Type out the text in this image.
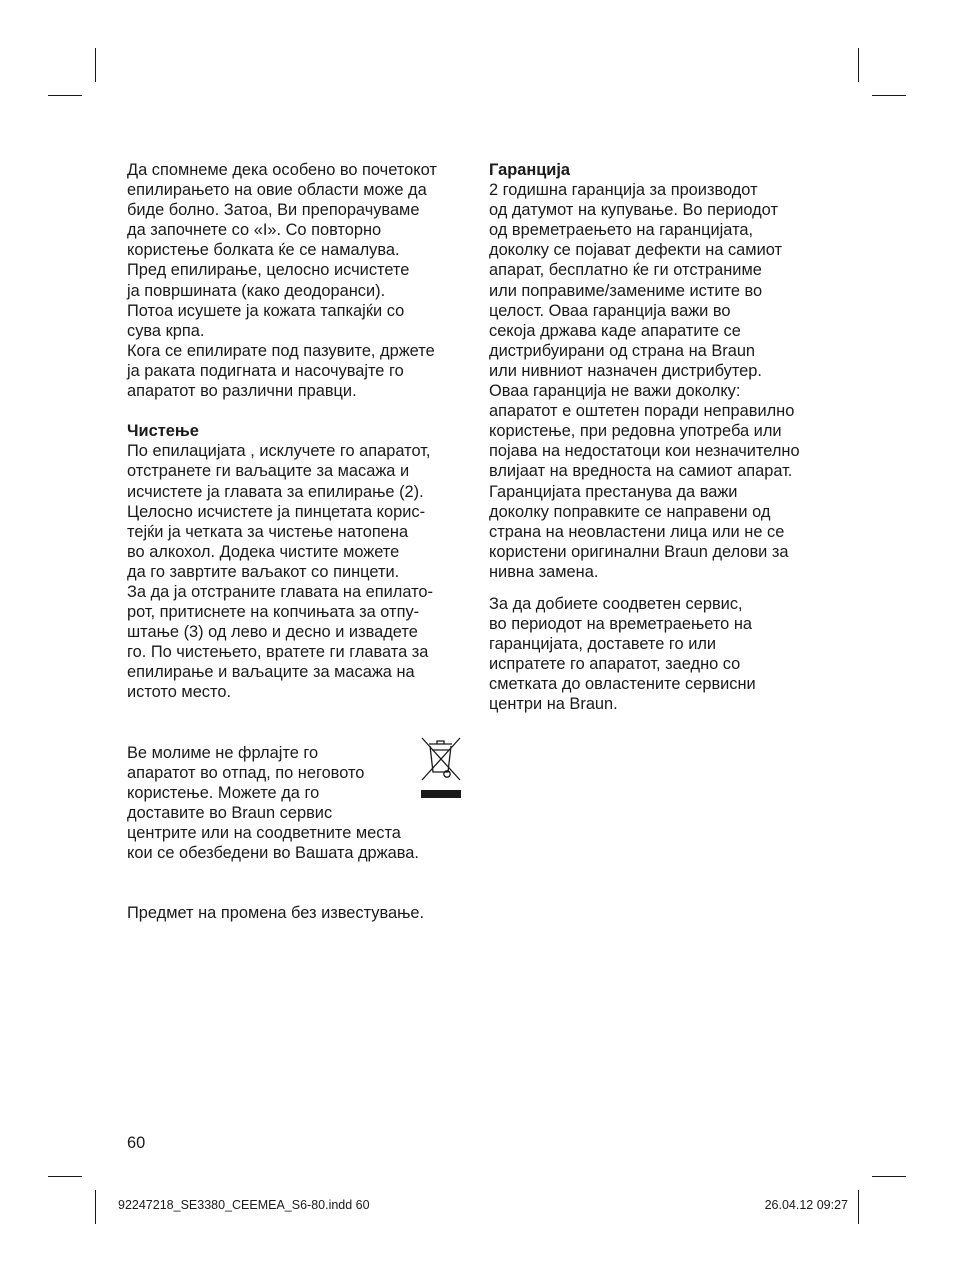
Да спомнеме дека особено во почетокот
епилирањето на овие области може да
биде болно. Затоа, Ви препорачуваме
да започнете со «I». Со повторно
користење болката ќе се намалува.
Пред епилирање, целосно исчистете
ја површината (како деодоранси).
Потоа исушете ја кожата тапкајќи со
сува крпа.
Кога се епилирате под пазувите, држете
ја раката подигната и насочувајте го
апаратот во различни правци.
Чистење
По епилацијата , исклучете го апаратот,
отстранете ги ваљаците за масажа и
исчистете ја главата за епилирање (2).
Целосно исчистете ја пинцетата корис-
тејќи ја четката за чистење натопена
во алкохол. Додека чистите можете
да го завртите ваљакот со пинцети.
За да ја отстраните главата на епилато-
рот, притиснете на копчињата за отпу-
штање (3) од лево и десно и извадете
го. По чистењето, вратете ги главата за
епилирање и ваљаците за масажа на
истото место.
Ве молиме не фрлајте го
апаратот во отпад, по неговото
користење. Можете да го
доставите во Braun сервис
центрите или на соодветните места
кои се обезбедени во Вашата држава.
Предмет на промена без известување.
Гаранција
2 годишна гаранција за производот
од датумот на купување. Во периодот
од времетраењето на гаранцијата,
доколку се појават дефекти на самиот
апарат, бесплатно ќе ги отстраниме
или поправиме/замениме истите во
целост. Оваа гаранција важи во
секоја држава каде апаратите се
дистрибуирани од страна на Braun
или нивниот назначен дистрибутер.
Оваа гаранција не важи доколку:
апаратот е оштетен поради неправилно
користење, при редовна употреба или
појава на недостатоци кои незначително
влијаат на вредноста на самиот апарат.
Гаранцијата престанува да важи
доколку поправките се направени од
страна на неовластени лица или не се
користени оригинални Braun делови за
нивна замена.
За да добиете соодветен сервис,
во периодот на времетраењето на
гаранцијата, доставете го или
испратете го апаратот, заедно со
сметката до овластените сервисни
центри на Braun.
60
92247218_SE3380_CEEMEA_S6-80.indd 60	26.04.12 09:27
